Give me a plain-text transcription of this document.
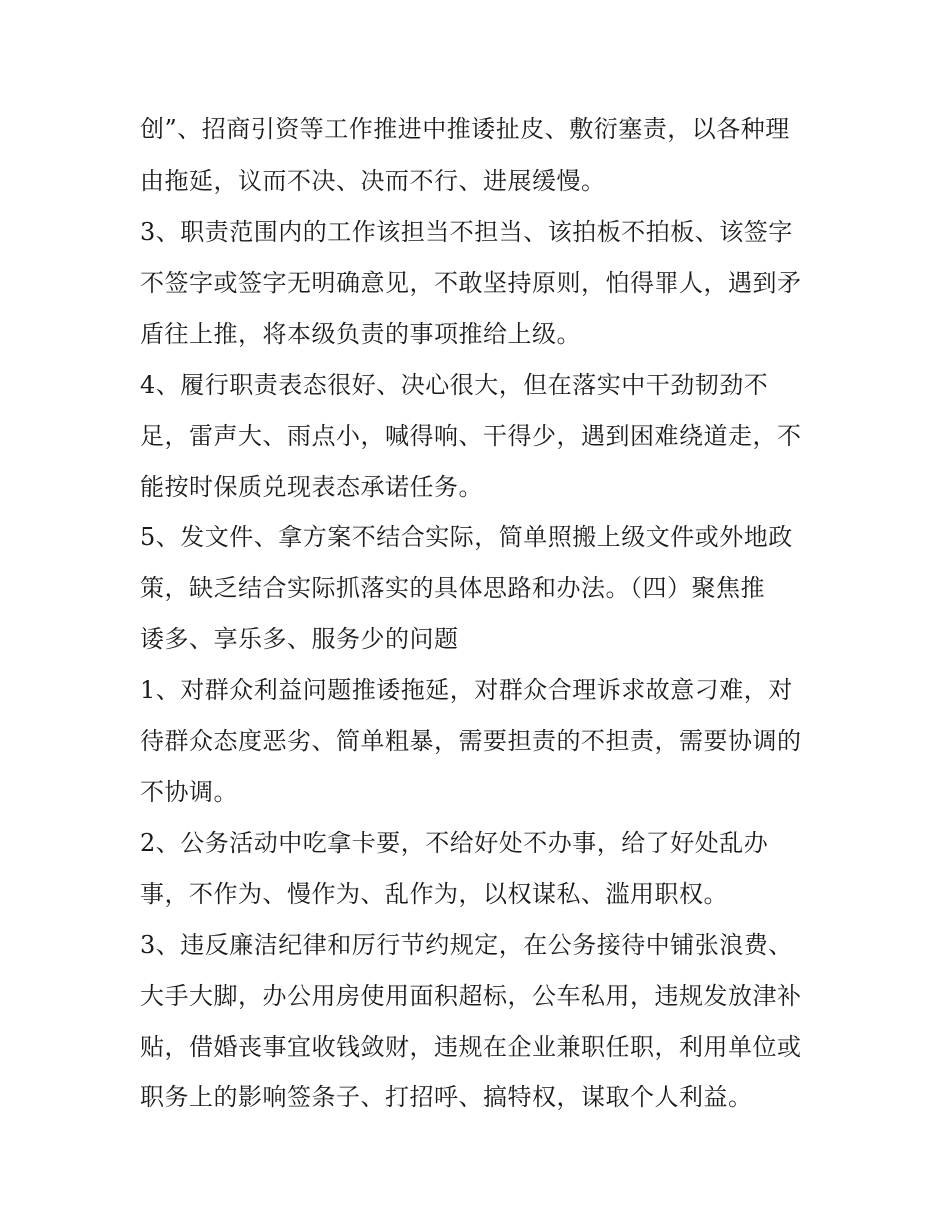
创”、招商引资等工作推进中推诿扯皮、敷衍塞责，以各种理
由拖延，议而不决、决而不行、进展缓慢。
3、职责范围内的工作该担当不担当、该拍板不拍板、该签字
不签字或签字无明确意见，不敢坚持原则，怕得罪人，遇到矛
盾往上推，将本级负责的事项推给上级。
4、履行职责表态很好、决心很大，但在落实中干劲韧劲不
足，雷声大、雨点小，喊得响、干得少，遇到困难绕道走，不
能按时保质兑现表态承诺任务。
5、发文件、拿方案不结合实际，简单照搬上级文件或外地政
策，缺乏结合实际抓落实的具体思路和办法。（四）聚焦推
诿多、享乐多、服务少的问题
1、对群众利益问题推诿拖延，对群众合理诉求故意刁难，对
待群众态度恶劣、简单粗暴，需要担责的不担责，需要协调的
不协调。
2、公务活动中吃拿卡要，不给好处不办事，给了好处乱办
事，不作为、慢作为、乱作为，以权谋私、滥用职权。
3、违反廉洁纪律和厉行节约规定，在公务接待中铺张浪费、
大手大脚，办公用房使用面积超标，公车私用，违规发放津补
贴，借婚丧事宜收钱敛财，违规在企业兼职任职，利用单位或
职务上的影响签条子、打招呼、搞特权，谋取个人利益。
